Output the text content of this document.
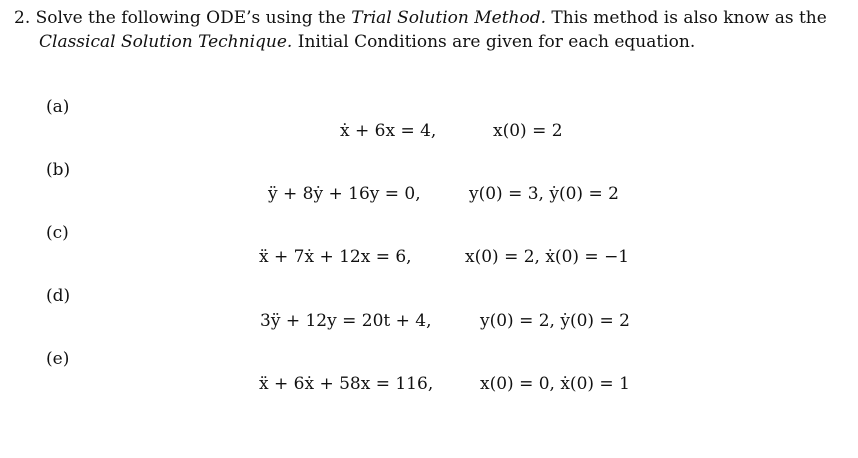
2. Solve the following ODE’s using the Trial Solution Method. This method is also know as the
Classical Solution Technique. Initial Conditions are given for each equation.
(a)
ẋ + 6x = 4,	x(0) = 2
(b)
ÿ + 8ẏ + 16y = 0,	y(0) = 3, ẏ(0) = 2
(c)
ẍ + 7ẋ + 12x = 6,	x(0) = 2, ẋ(0) = −1
(d)
3ÿ + 12y = 20t + 4,	y(0) = 2, ẏ(0) = 2
(e)
ẍ + 6ẋ + 58x = 116,	x(0) = 0, ẋ(0) = 1
